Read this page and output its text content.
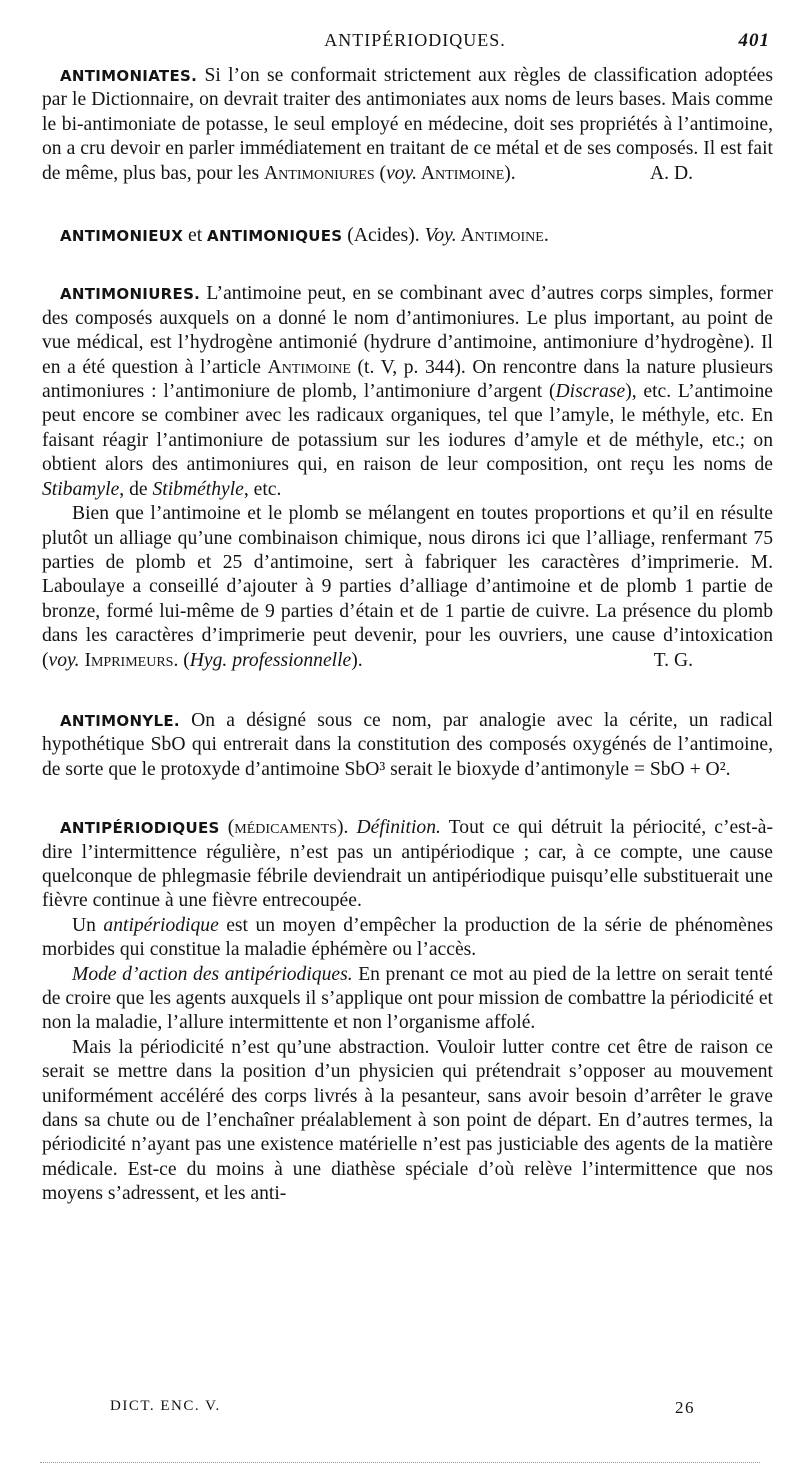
ANTIPÉRIODIQUES.	401

ANTIMONIATES. Si l’on se conformait strictement aux règles de classification adoptées par le Dictionnaire, on devrait traiter des antimoniates aux noms de leurs bases. Mais comme le bi-antimoniate de potasse, le seul employé en médecine, doit ses propriétés à l’antimoine, on a cru devoir en parler immédiatement en traitant de ce métal et de ses composés. Il est fait de même, plus bas, pour les Antimoniures (voy. Antimoine).	A. D.

ANTIMONIEUX et ANTIMONIQUES (Acides). Voy. Antimoine.

ANTIMONIURES. L’antimoine peut, en se combinant avec d’autres corps simples, former des composés auxquels on a donné le nom d’antimoniures. Le plus important, au point de vue médical, est l’hydrogène antimonié (hydrure d’antimoine, antimoniure d’hydrogène). Il en a été question à l’article Antimoine (t. V, p. 344). On rencontre dans la nature plusieurs antimoniures : l’antimoniure de plomb, l’antimoniure d’argent (Discrase), etc. L’antimoine peut encore se combiner avec les radicaux organiques, tel que l’amyle, le méthyle, etc. En faisant réagir l’antimoniure de potassium sur les iodures d’amyle et de méthyle, etc.; on obtient alors des antimoniures qui, en raison de leur composition, ont reçu les noms de Stibamyle, de Stibméthyle, etc.

Bien que l’antimoine et le plomb se mélangent en toutes proportions et qu’il en résulte plutôt un alliage qu’une combinaison chimique, nous dirons ici que l’alliage, renfermant 75 parties de plomb et 25 d’antimoine, sert à fabriquer les caractères d’imprimerie. M. Laboulaye a conseillé d’ajouter à 9 parties d’alliage d’antimoine et de plomb 1 partie de bronze, formé lui-même de 9 parties d’étain et de 1 partie de cuivre. La présence du plomb dans les caractères d’imprimerie peut devenir, pour les ouvriers, une cause d’intoxication (voy. Imprimeurs. (Hyg. professionnelle).	T. G.

ANTIMONYLE. On a désigné sous ce nom, par analogie avec la cérite, un radical hypothétique SbO qui entrerait dans la constitution des composés oxygénés de l’antimoine, de sorte que le protoxyde d’antimoine SbO³ serait le bioxyde d’antimonyle = SbO + O².

ANTIPÉRIODIQUES (médicaments). Définition. Tout ce qui détruit la périocité, c’est-à-dire l’intermittence régulière, n’est pas un antipériodique ; car, à ce compte, une cause quelconque de phlegmasie fébrile deviendrait un antipériodique puisqu’elle substituerait une fièvre continue à une fièvre entrecoupée.

Un antipériodique est un moyen d’empêcher la production de la série de phénomènes morbides qui constitue la maladie éphémère ou l’accès.

Mode d’action des antipériodiques. En prenant ce mot au pied de la lettre on serait tenté de croire que les agents auxquels il s’applique ont pour mission de combattre la périodicité et non la maladie, l’allure intermittente et non l’organisme affolé.

Mais la périodicité n’est qu’une abstraction. Vouloir lutter contre cet être de raison ce serait se mettre dans la position d’un physicien qui prétendrait s’opposer au mouvement uniformément accéléré des corps livrés à la pesanteur, sans avoir besoin d’arrêter le grave dans sa chute ou de l’enchaîner préalablement à son point de départ. En d’autres termes, la périodicité n’ayant pas une existence matérielle n’est pas justiciable des agents de la matière médicale. Est-ce du moins à une diathèse spéciale d’où relève l’intermittence que nos moyens s’adressent, et les anti-

DICT. ENC. V.	26
